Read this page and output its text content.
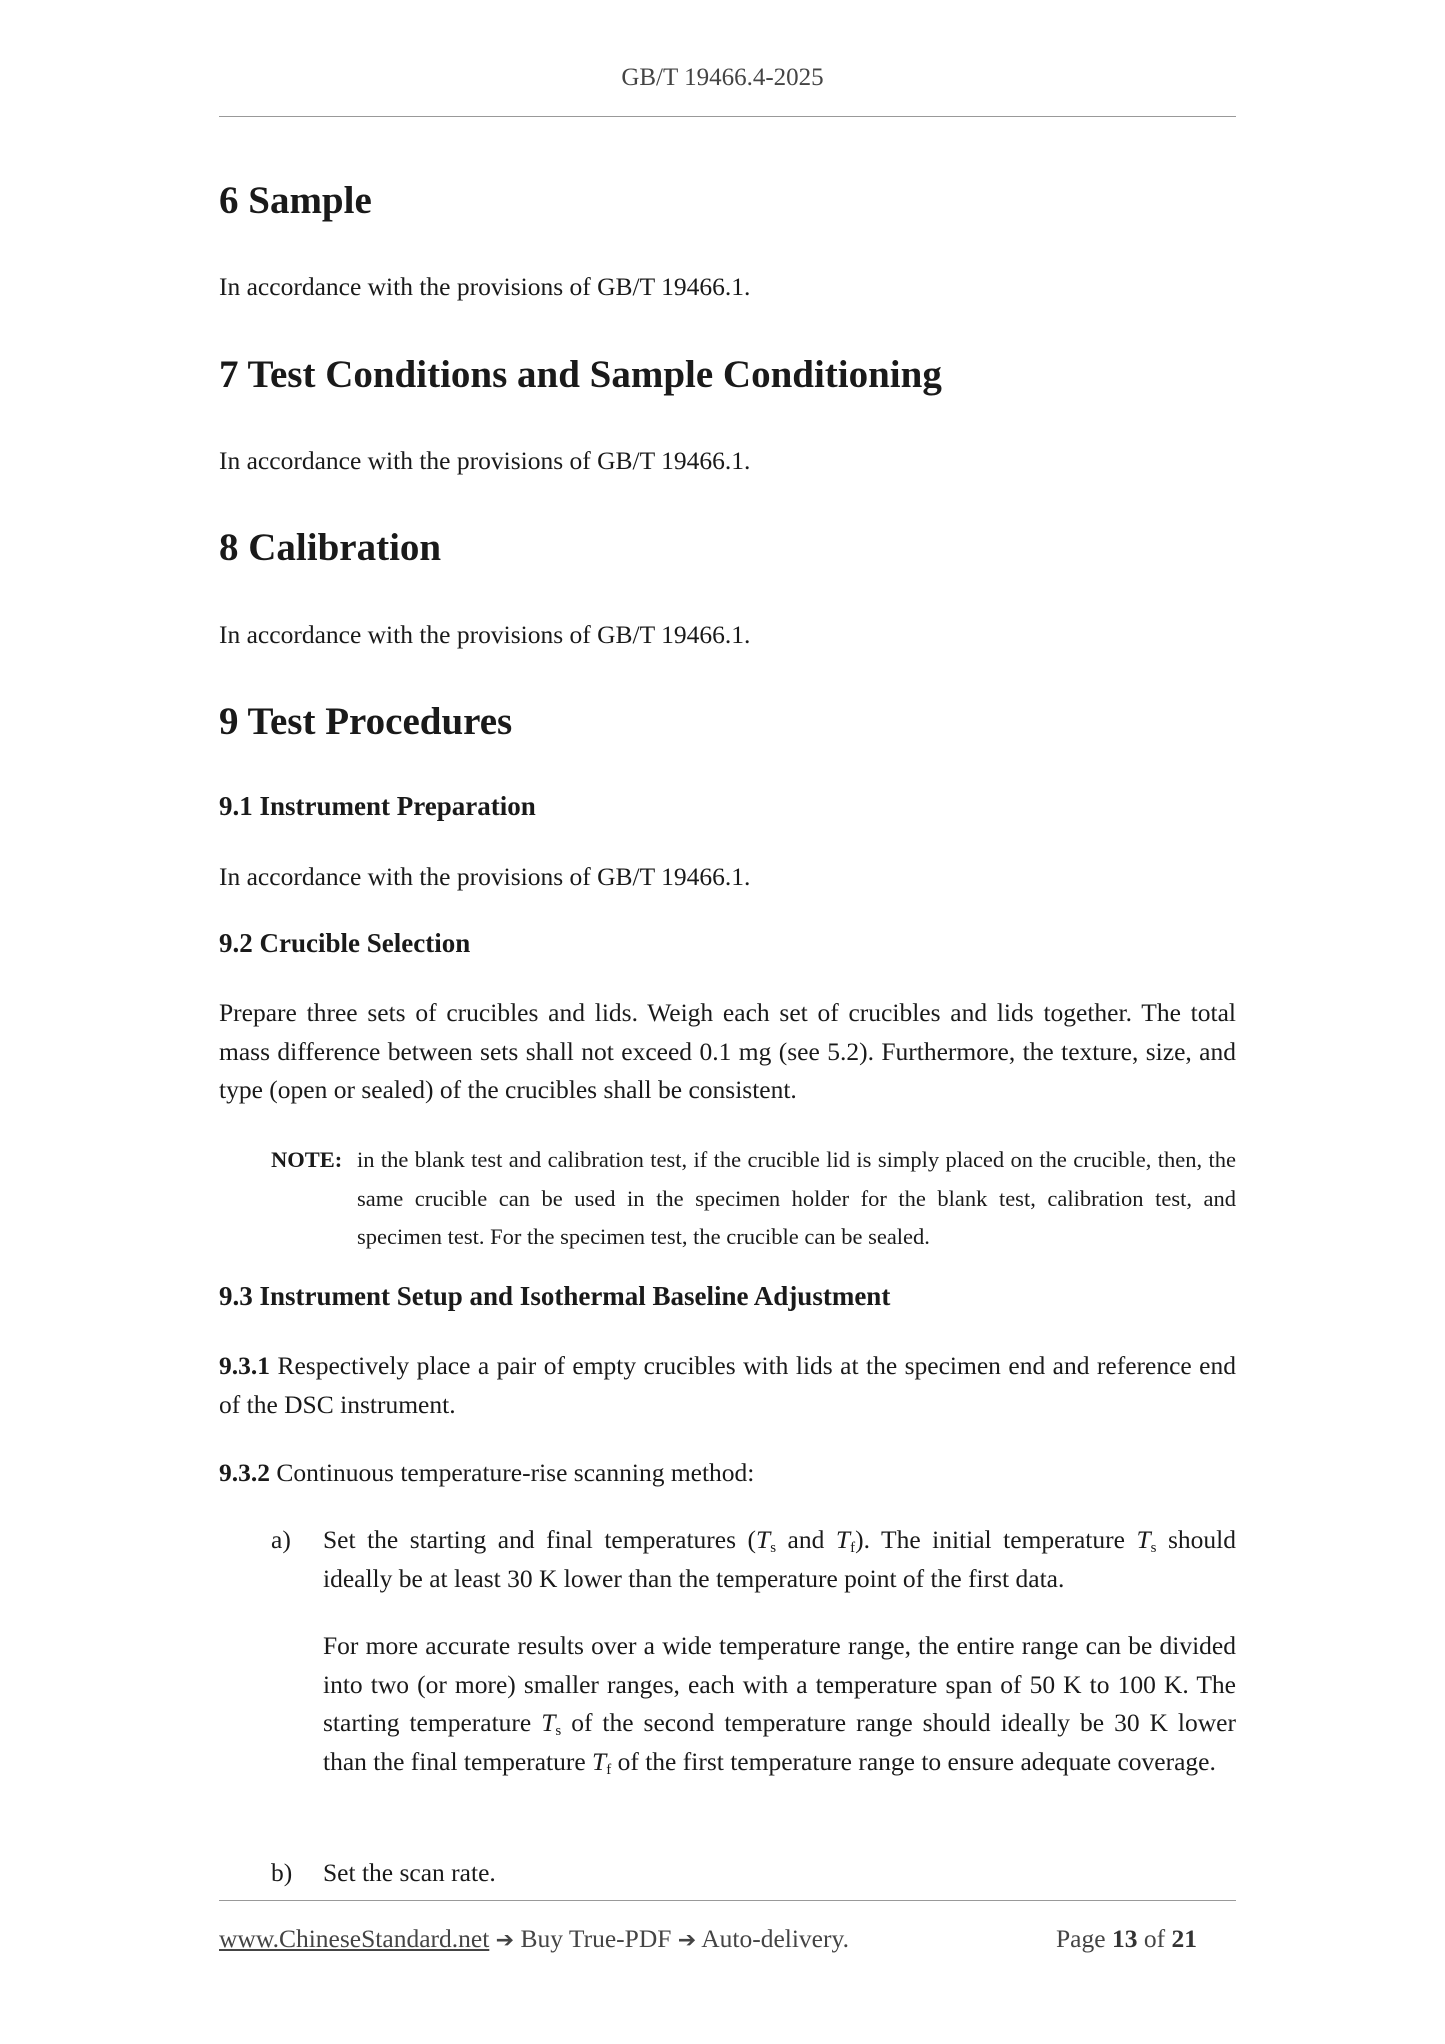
GB/T 19466.4-2025
6 Sample

In accordance with the provisions of GB/T 19466.1.

7 Test Conditions and Sample Conditioning

In accordance with the provisions of GB/T 19466.1.

8 Calibration

In accordance with the provisions of GB/T 19466.1.

9 Test Procedures
9.1 Instrument Preparation

In accordance with the provisions of GB/T 19466.1.

9.2 Crucible Selection

Prepare three sets of crucibles and lids. Weigh each set of crucibles and lids together. The total mass difference between sets shall not exceed 0.1 mg (see 5.2). Furthermore, the texture, size, and type (open or sealed) of the crucibles shall be consistent.

NOTE: in the blank test and calibration test, if the crucible lid is simply placed on the crucible, then, the same crucible can be used in the specimen holder for the blank test, calibration test, and specimen test. For the specimen test, the crucible can be sealed.
9.3 Instrument Setup and Isothermal Baseline Adjustment

9.3.1 Respectively place a pair of empty crucibles with lids at the specimen end and reference end of the DSC instrument.

9.3.2 Continuous temperature-rise scanning method:

a) Set the starting and final temperatures ($T_s$ and $T_f$). The initial temperature $T_s$ should ideally be at least 30 K lower than the temperature point of the first data.

For more accurate results over a wide temperature range, the entire range can be divided into two (or more) smaller ranges, each with a temperature span of 50 K to 100 K. The starting temperature $T_s$ of the second temperature range should ideally be 30 K lower than the final temperature $T_f$ of the first temperature range to ensure adequate coverage.

b) Set the scan rate.

www.ChineseStandard.net ➔ Buy True-PDF ➔ Auto-delivery.	Page 13 of 21
